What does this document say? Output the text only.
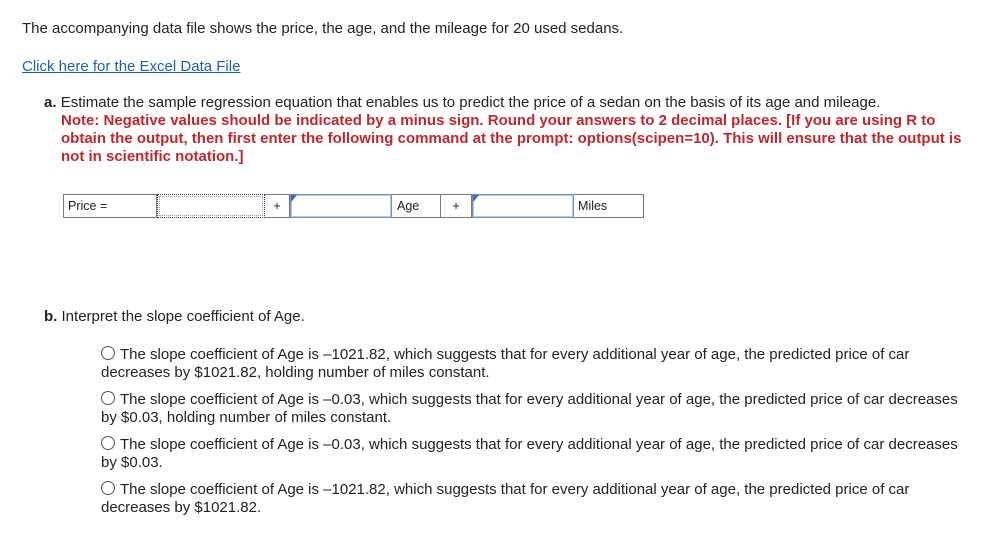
The accompanying data file shows the price, the age, and the mileage for 20 used sedans.
Click here for the Excel Data File
a. Estimate the sample regression equation that enables us to predict the price of a sedan on the basis of its age and mileage.
Note: Negative values should be indicated by a minus sign. Round your answers to 2 decimal places. [If you are using R to obtain the output, then first enter the following command at the prompt: options(scipen=10). This will ensure that the output is not in scientific notation.]
Price =	+	Age	+	Miles
b. Interpret the slope coefficient of Age.
The slope coefficient of Age is –1021.82, which suggests that for every additional year of age, the predicted price of car decreases by $1021.82, holding number of miles constant.
The slope coefficient of Age is –0.03, which suggests that for every additional year of age, the predicted price of car decreases by $0.03, holding number of miles constant.
The slope coefficient of Age is –0.03, which suggests that for every additional year of age, the predicted price of car decreases by $0.03.
The slope coefficient of Age is –1021.82, which suggests that for every additional year of age, the predicted price of car decreases by $1021.82.
